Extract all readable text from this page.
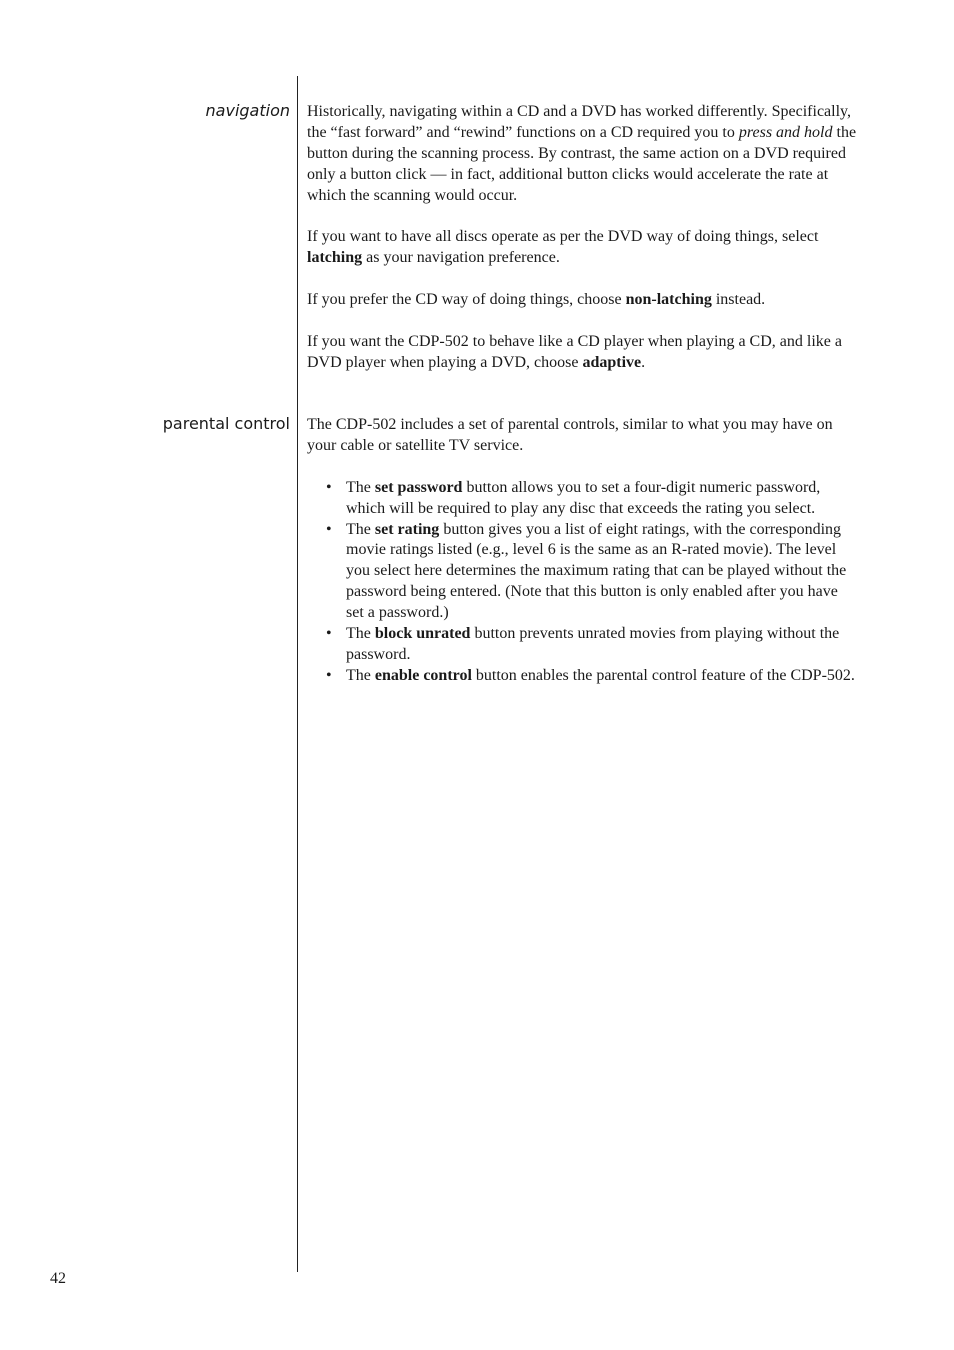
navigation Historically, navigating within a CD and a DVD has worked differently. Specifically, the “fast forward” and “rewind” functions on a CD required you to press and hold the button during the scanning process. By contrast, the same action on a DVD required only a button click — in fact, additional button clicks would accelerate the rate at which the scanning would occur.

If you want to have all discs operate as per the DVD way of doing things, select latching as your navigation preference.

If you prefer the CD way of doing things, choose non-latching instead.

If you want the CDP-502 to behave like a CD player when playing a CD, and like a DVD player when playing a DVD, choose adaptive.

parental control The CDP-502 includes a set of parental controls, similar to what you may have on your cable or satellite TV service.

• The set password button allows you to set a four-digit numeric password, which will be required to play any disc that exceeds the rating you select.
• The set rating button gives you a list of eight ratings, with the corresponding movie ratings listed (e.g., level 6 is the same as an R-rated movie). The level you select here determines the maximum rating that can be played without the password being entered. (Note that this button is only enabled after you have set a password.)
• The block unrated button prevents unrated movies from playing without the password.
• The enable control button enables the parental control feature of the CDP-502.
42
